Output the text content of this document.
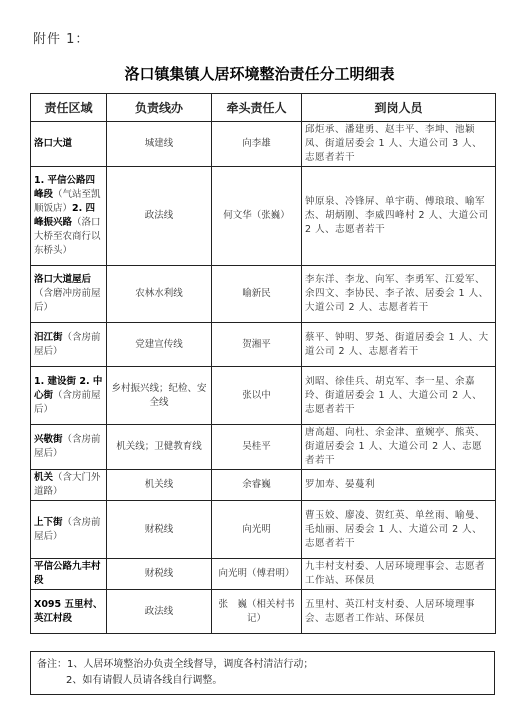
附件 1：
洛口镇集镇人居环境整治责任分工明细表
责任区域	负责线办	牵头责任人	到岗人员
洛口大道	城建线	向李雄	邱炬承、潘建勇、赵丰平、李坤、池颖凤、街道居委会 1 人、大道公司 3 人、志愿者若干
1. 平信公路四峰段（气站至凯顺饭店）2. 四峰振兴路（洛口大桥至农商行以东桥头）	政法线	何文华（张巍）	钟原泉、冷锋屏、单宇萌、傅琅琅、喻军杰、胡炳刚、李威四峰村 2 人、大道公司 2 人、志愿者若干
洛口大道屋后（含磨冲房前屋后）	农林水利线	喻新民	李东洋、李龙、向军、李勇军、江爱军、余四文、李协民、李子浓、居委会 1 人、大道公司 2 人、志愿者若干
汨江街（含房前屋后）	党建宣传线	贺湘平	蔡平、钟明、罗尧、街道居委会 1 人、大道公司 2 人、志愿者若干
1. 建设街 2. 中心街（含房前屋后）	乡村振兴线；纪检、安全线	张以中	刘昭、徐佳兵、胡克军、李一星、余嘉玲、街道居委会 1 人、大道公司 2 人、志愿者若干
兴敬街（含房前屋后）	机关线；卫健教育线	吴桂平	唐高超、向杜、余金津、童婉亭、熊英、街道居委会 1 人、大道公司 2 人、志愿者若干
机关（含大门外道路）	机关线	余睿巍	罗加寿、晏蔓利
上下街（含房前屋后）	财税线	向光明	曹玉姣、廖凌、贺红英、单丝雨、喻曼、毛灿丽、居委会 1 人、大道公司 2 人、志愿者若干
平信公路九丰村段	财税线	向光明（傅君明）	九丰村支村委、人居环境理事会、志愿者工作站、环保员
X095 五里村、英江村段	政法线	张　巍（相关村书记）	五里村、英江村支村委、人居环境理事会、志愿者工作站、环保员
备注：1、人居环境整治办负责全线督导，调度各村清洁行动；
2、如有请假人员请各线自行调整。
